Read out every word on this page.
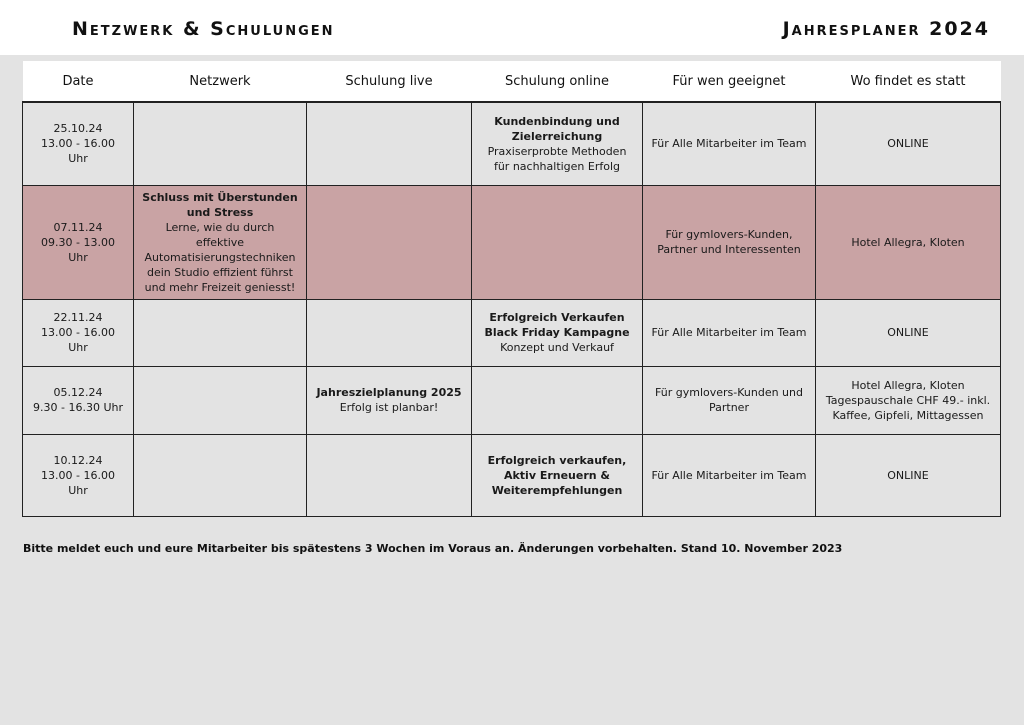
Netzwerk & Schulungen	Jahresplaner 2024
Date	Netzwerk	Schulung live	Schulung online	Für wen geeignet	Wo findet es statt

25.10.24
13.00 - 16.00 Uhr			Kundenbindung und Zielerreichung
Praxiserprobte Methoden für nachhaltigen Erfolg	Für Alle Mitarbeiter im Team	ONLINE

07.11.24
09.30 - 13.00 Uhr	Schluss mit Überstunden und Stress
Lerne, wie du durch effektive Automatisierungstechniken dein Studio effizient führst und mehr Freizeit geniesst!			Für gymlovers-Kunden, Partner und Interessenten	Hotel Allegra, Kloten

22.11.24
13.00 - 16.00 Uhr			Erfolgreich Verkaufen Black Friday Kampagne
Konzept und Verkauf	Für Alle Mitarbeiter im Team	ONLINE

05.12.24
9.30 - 16.30 Uhr		Jahreszielplanung 2025
Erfolg ist planbar!		Für gymlovers-Kunden und Partner	Hotel Allegra, Kloten Tagespauschale CHF 49.- inkl. Kaffee, Gipfeli, Mittagessen

10.12.24
13.00 - 16.00 Uhr			Erfolgreich verkaufen, Aktiv Erneuern & Weiterempfehlungen	Für Alle Mitarbeiter im Team	ONLINE
Bitte meldet euch und eure Mitarbeiter bis spätestens 3 Wochen im Voraus an. Änderungen vorbehalten. Stand 10. November 2023
